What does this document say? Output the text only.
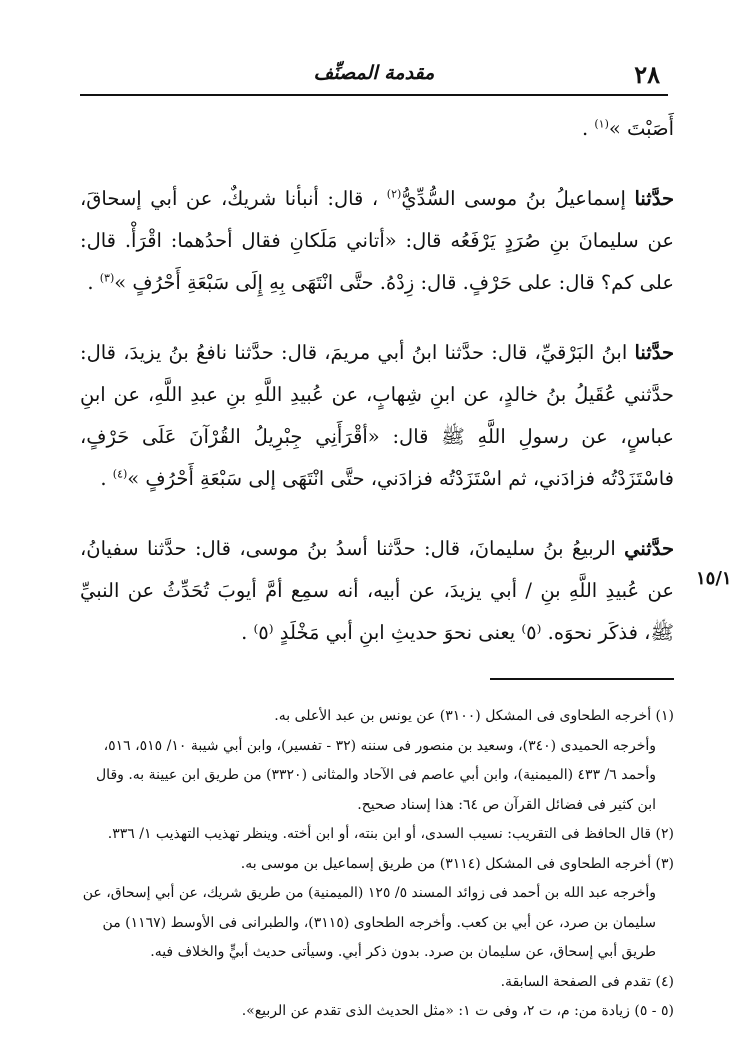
٢٨
مقدمة المصنِّف

أَصَبْتَ »$^{(١)}$ .

حدَّثنا إسماعيلُ بنُ موسى السُّدِّيُّ$^{(٢)}$ ، قال: أنبأنا شريكٌ، عن أبي إسحاقَ، عن سليمانَ بنِ صُرَدٍ يَرْفَعُه قال: «أتاني مَلَكانِ فقال أحدُهما: اقْرَأْ. قال: على كم؟ قال: على حَرْفٍ. قال: زِدْهُ. حتَّى انْتَهَى بِهِ إِلَى سَبْعَةِ أَحْرُفٍ »$^{(٣)}$ .

حدَّثنا ابنُ البَرْقيِّ، قال: حدَّثنا ابنُ أبي مريمَ، قال: حدَّثنا نافعُ بنُ يزيدَ، قال: حدَّثني عُقَيلُ بنُ خالدٍ، عن ابنِ شِهابٍ، عن عُبيدِ اللَّهِ بنِ عبدِ اللَّهِ، عن ابنِ عباسٍ، عن رسولِ اللَّهِ ﷺ قال: «أقْرَأَنِي جِبْرِيلُ القُرْآنَ عَلَى حَرْفٍ، فاسْتَزَدْتُه فزادَني، ثم اسْتَزَدْتُه فزادَني، حتَّى انْتَهَى إلى سَبْعَةِ أَحْرُفٍ »$^{(٤)}$ .

حدَّثني الربيعُ بنُ سليمانَ، قال: حدَّثنا أسدُ بنُ موسى، قال: حدَّثنا سفيانُ، عن عُبيدِ اللَّهِ بنِ / أبي يزيدَ، عن أبيه، أنه سمِع أمَّ أيوبَ تُحَدِّثُ عن النبيِّ ﷺ، فذكَر نحوَه. ⁽٥⁾ يعنى نحوَ حديثِ ابنِ أبي مَخْلَدٍ ⁽٥⁾ .

١٥/١

(١) أخرجه الطحاوى فى المشكل (٣١٠٠) عن يونس بن عبد الأعلى به.

وأخرجه الحميدى (٣٤٠)، وسعيد بن منصور فى سننه (٣٢ - تفسير)، وابن أبي شيبة ١٠/ ٥١٥، ٥١٦، وأحمد ٦/ ٤٣٣ (الميمنية)، وابن أبي عاصم فى الآحاد والمثانى (٣٣٢٠) من طريق ابن عيينة به. وقال ابن كثير فى فضائل القرآن ص ٦٤: هذا إسناد صحيح.

(٢) قال الحافظ فى التقريب: نسيب السدى، أو ابن بنته، أو ابن أخته. وينظر تهذيب التهذيب ١/ ٣٣٦.

(٣) أخرجه الطحاوى فى المشكل (٣١١٤) من طريق إسماعيل بن موسى به.

وأخرجه عبد الله بن أحمد فى زوائد المسند ٥/ ١٢٥ (الميمنية) من طريق شريك، عن أبي إسحاق، عن سليمان بن صرد، عن أبي بن كعب. وأخرجه الطحاوى (٣١١٥)، والطبرانى فى الأوسط (١١٦٧) من طريق أبي إسحاق، عن سليمان بن صرد. بدون ذكر أبي. وسيأتى حديث أبيٍّ والخلاف فيه.

(٤) تقدم فى الصفحة السابقة.

(٥ - ٥) زيادة من: م، ت ٢، وفى ت ١: «مثل الحديث الذى تقدم عن الربيع».
